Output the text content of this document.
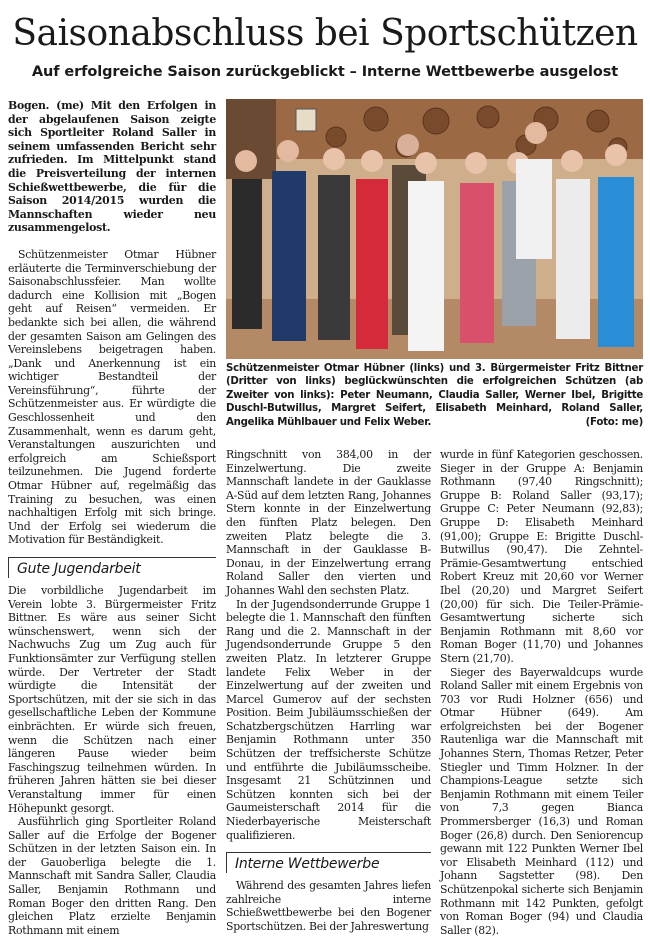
Saisonabschluss bei Sportschützen
Auf erfolgreiche Saison zurückgeblickt – Interne Wettbewerbe ausgelost

Bogen. (me) Mit den Erfolgen in der abgelaufenen Saison zeigte sich Sportleiter Roland Saller in seinem umfassenden Bericht sehr zufrieden. Im Mittelpunkt stand die Preisverteilung der internen Schießwettbewerbe, die für die Saison 2014/2015 wurden die Mannschaften wieder neu zusammengelost.

Schützenmeister Otmar Hübner erläuterte die Terminverschiebung der Saisonabschlussfeier. Man wollte dadurch eine Kollision mit „Bogen geht auf Reisen“ vermeiden. Er bedankte sich bei allen, die während der gesamten Saison am Gelingen des Vereinslebens beigetragen haben. „Dank und Anerkennung ist ein wichtiger Bestandteil der Vereinsführung“, führte der Schützenmeister aus. Er würdigte die Geschlossenheit und den Zusammenhalt, wenn es darum geht, Veranstaltungen auszurichten und erfolgreich am Schießsport teilzunehmen. Die Jugend forderte Otmar Hübner auf, regelmäßig das Training zu besuchen, was einen nachhaltigen Erfolg mit sich bringe. Und der Erfolg sei wiederum die Motivation für Beständigkeit.

Gute Jugendarbeit

Die vorbildliche Jugendarbeit im Verein lobte 3. Bürgermeister Fritz Bittner. Es wäre aus seiner Sicht wünschenswert, wenn sich der Nachwuchs Zug um Zug auch für Funktionsämter zur Verfügung stellen würde. Der Vertreter der Stadt würdigte die Intensität der Sportschützen, mit der sie sich in das gesellschaftliche Leben der Kommune einbrächten. Er würde sich freuen, wenn die Schützen nach einer längeren Pause wieder beim Faschingszug teilnehmen würden. In früheren Jahren hätten sie bei dieser Veranstaltung immer für einen Höhepunkt gesorgt.

Ausführlich ging Sportleiter Roland Saller auf die Erfolge der Bogener Schützen in der letzten Saison ein. In der Gauoberliga belegte die 1. Mannschaft mit Sandra Saller, Claudia Saller, Benjamin Rothmann und Roman Boger den dritten Rang. Den gleichen Platz erzielte Benjamin Rothmann mit einem

Schützenmeister Otmar Hübner (links) und 3. Bürgermeister Fritz Bittner (Dritter von links) beglückwünschten die erfolgreichen Schützen (ab Zweiter von links): Peter Neumann, Claudia Saller, Werner Ibel, Brigitte Duschl-Butwillus, Margret Seifert, Elisabeth Meinhard, Roland Saller, Angelika Mühlbauer und Felix Weber.	(Foto: me)

Ringschnitt von 384,00 in der Einzelwertung. Die zweite Mannschaft landete in der Gauklasse A-Süd auf dem letzten Rang, Johannes Stern konnte in der Einzelwertung den fünften Platz belegen. Den zweiten Platz belegte die 3. Mannschaft in der Gauklasse B-Donau, in der Einzelwertung errang Roland Saller den vierten und Johannes Wahl den sechsten Platz.

In der Jugendsonderrunde Gruppe 1 belegte die 1. Mannschaft den fünften Rang und die 2. Mannschaft in der Jugendsonderrunde Gruppe 5 den zweiten Platz. In letzterer Gruppe landete Felix Weber in der Einzelwertung auf der zweiten und Marcel Gumerov auf der sechsten Position. Beim Jubiläumsschießen der Schatzbergschützen Harrling war Benjamin Rothmann unter 350 Schützen der treffsicherste Schütze und entführte die Jubiläumsscheibe. Insgesamt 21 Schützinnen und Schützen konnten sich bei der Gaumeisterschaft 2014 für die Niederbayerische Meisterschaft qualifizieren.

Interne Wettbewerbe

Während des gesamten Jahres liefen zahlreiche interne Schießwettbewerbe bei den Bogener Sportschützen. Bei der Jahreswertung

wurde in fünf Kategorien geschossen. Sieger in der Gruppe A: Benjamin Rothmann (97,40 Ringschnitt); Gruppe B: Roland Saller (93,17); Gruppe C: Peter Neumann (92,83); Gruppe D: Elisabeth Meinhard (91,00); Gruppe E: Brigitte Duschl-Butwillus (90,47). Die Zehntel-Prämie-Gesamtwertung entschied Robert Kreuz mit 20,60 vor Werner Ibel (20,20) und Margret Seifert (20,00) für sich. Die Teiler-Prämie-Gesamtwertung sicherte sich Benjamin Rothmann mit 8,60 vor Roman Boger (11,70) und Johannes Stern (21,70).

Sieger des Bayerwaldcups wurde Roland Saller mit einem Ergebnis von 703 vor Rudi Holzner (656) und Otmar Hübner (649). Am erfolgreichsten bei der Bogener Rautenliga war die Mannschaft mit Johannes Stern, Thomas Retzer, Peter Stiegler und Timm Holzner. In der Champions-League setzte sich Benjamin Rothmann mit einem Teiler von 7,3 gegen Bianca Prommersberger (16,3) und Roman Boger (26,8) durch. Den Seniorencup gewann mit 122 Punkten Werner Ibel vor Elisabeth Meinhard (112) und Johann Sagstetter (98). Den Schützenpokal sicherte sich Benjamin Rothmann mit 142 Punkten, gefolgt von Roman Boger (94) und Claudia Saller (82).
